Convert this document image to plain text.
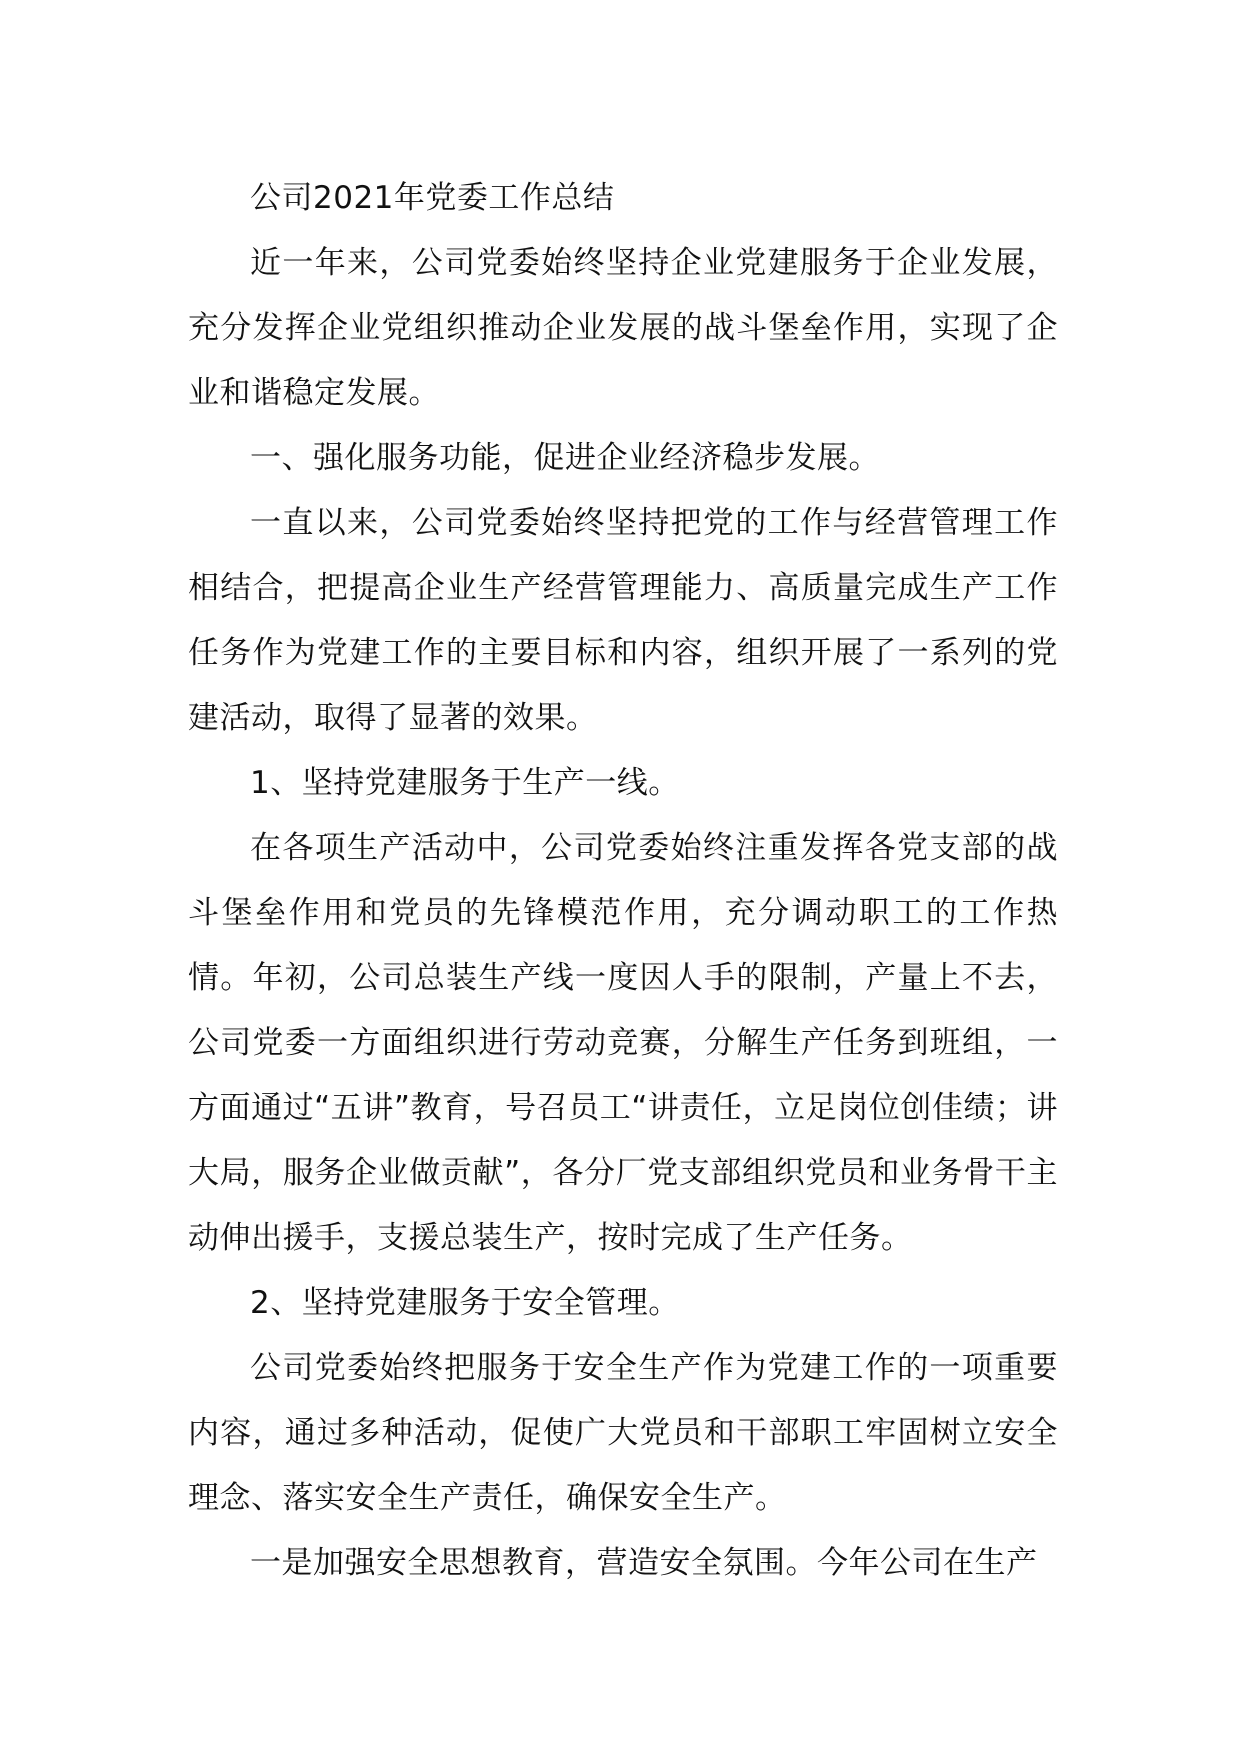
公司2021年党委工作总结

近一年来，公司党委始终坚持企业党建服务于企业发展，充分发挥企业党组织推动企业发展的战斗堡垒作用，实现了企业和谐稳定发展。

一、强化服务功能，促进企业经济稳步发展。

一直以来，公司党委始终坚持把党的工作与经营管理工作相结合，把提高企业生产经营管理能力、高质量完成生产工作任务作为党建工作的主要目标和内容，组织开展了一系列的党建活动，取得了显著的效果。

1、坚持党建服务于生产一线。

在各项生产活动中，公司党委始终注重发挥各党支部的战斗堡垒作用和党员的先锋模范作用，充分调动职工的工作热情。年初，公司总装生产线一度因人手的限制，产量上不去，公司党委一方面组织进行劳动竞赛，分解生产任务到班组，一方面通过“五讲”教育，号召员工“讲责任，立足岗位创佳绩；讲大局，服务企业做贡献”，各分厂党支部组织党员和业务骨干主动伸出援手，支援总装生产，按时完成了生产任务。

2、坚持党建服务于安全管理。

公司党委始终把服务于安全生产作为党建工作的一项重要内容，通过多种活动，促使广大党员和干部职工牢固树立安全理念、落实安全生产责任，确保安全生产。

一是加强安全思想教育，营造安全氛围。今年公司在生产
